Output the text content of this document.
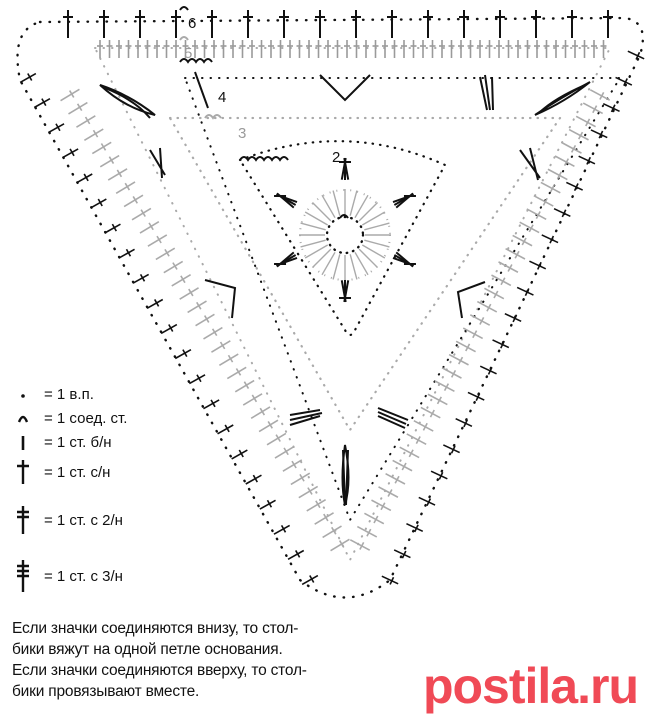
2
3
4
5
6
= 1 в.п.
= 1 соед. ст.
= 1 ст. б/н
= 1 ст. с/н
= 1 ст. с 2/н
= 1 ст. с 3/н

Если значки соединяются внизу, то стол-

бики вяжут на одной петле основания.

Если значки соединяются вверху, то стол-

бики провязывают вместе.	postila.ru
